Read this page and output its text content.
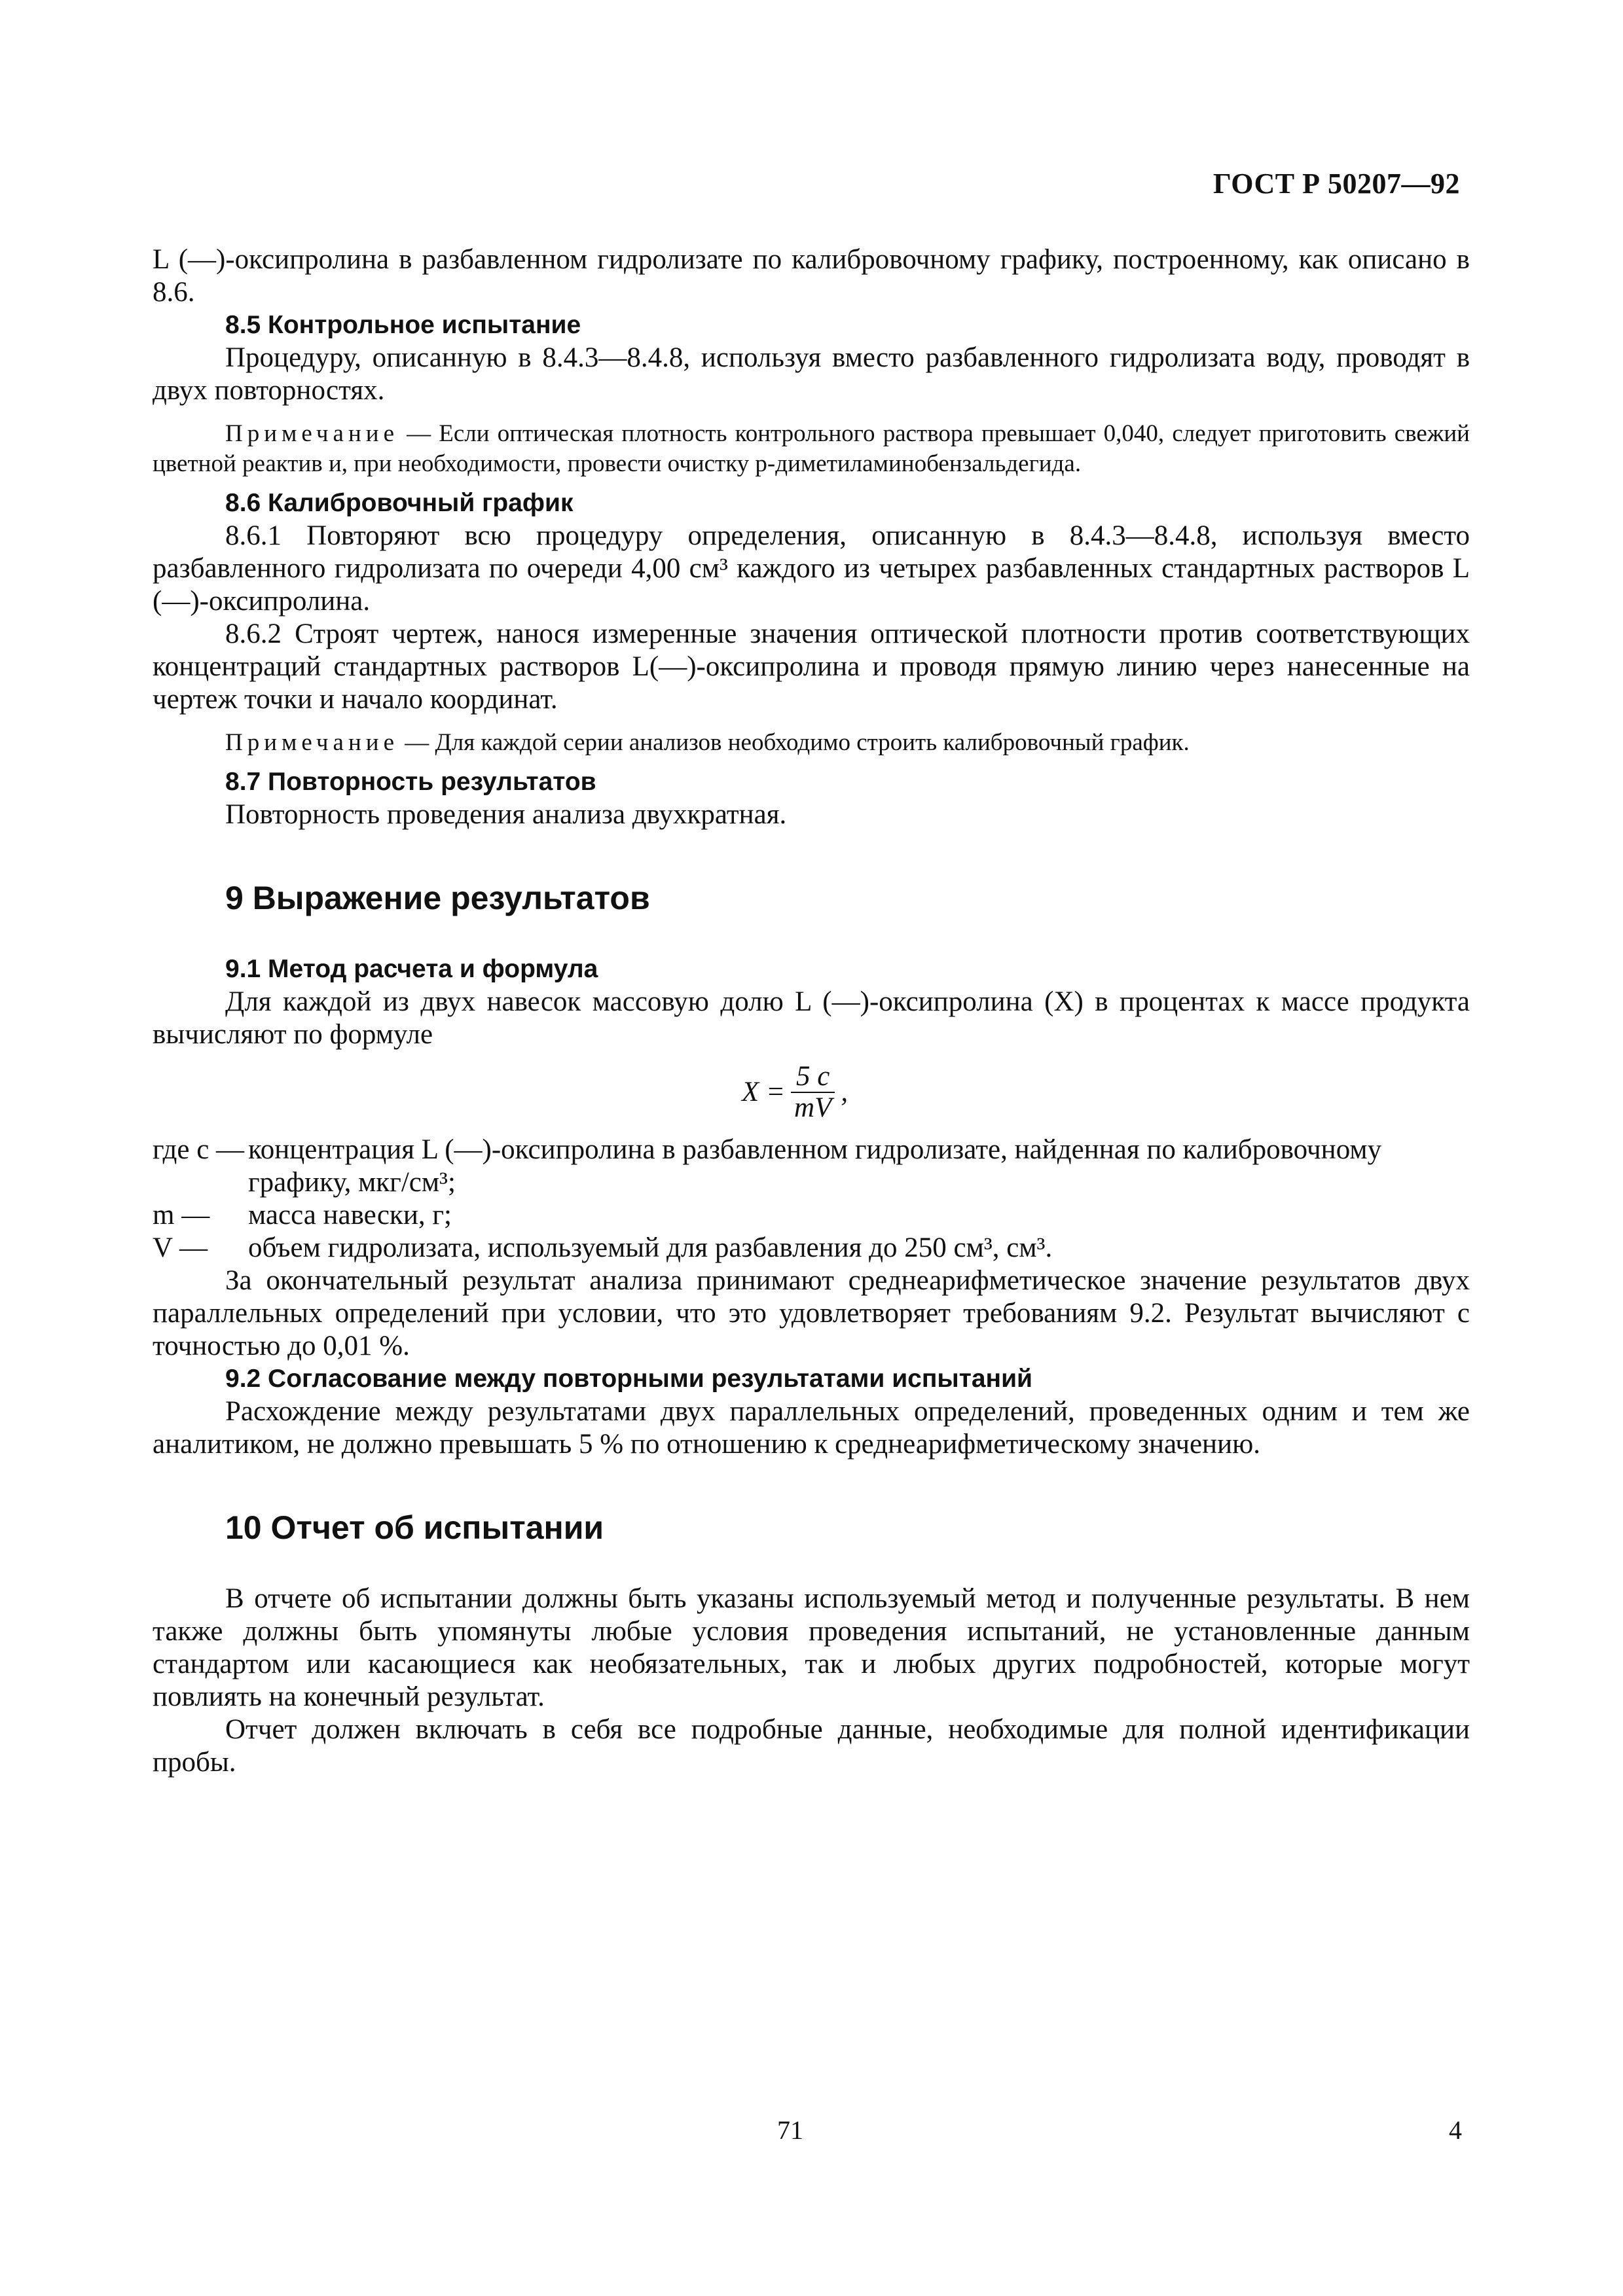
ГОСТ Р 50207—92

L (—)-оксипролина в разбавленном гидролизате по калибровочному графику, построенному, как описано в 8.6.

8.5 Контрольное испытание

Процедуру, описанную в 8.4.3—8.4.8, используя вместо разбавленного гидролизата воду, проводят в двух повторностях.

Примечание — Если оптическая плотность контрольного раствора превышает 0,040, следует приготовить свежий цветной реактив и, при необходимости, провести очистку p-диметиламинобензальдегида.

8.6 Калибровочный график

8.6.1 Повторяют всю процедуру определения, описанную в 8.4.3—8.4.8, используя вместо разбавленного гидролизата по очереди 4,00 см³ каждого из четырех разбавленных стандартных растворов L (—)-оксипролина.

8.6.2 Строят чертеж, нанося измеренные значения оптической плотности против соответствующих концентраций стандартных растворов L(—)-оксипролина и проводя прямую линию через нанесенные на чертеж точки и начало координат.

Примечание — Для каждой серии анализов необходимо строить калибровочный график.

8.7 Повторность результатов

Повторность проведения анализа двухкратная.

9 Выражение результатов

9.1 Метод расчета и формула

Для каждой из двух навесок массовую долю L (—)-оксипролина (X) в процентах к массе продукта вычисляют по формуле

$X = \frac{5 c}{mV}$ ,
где c — концентрация L (—)-оксипролина в разбавленном гидролизате, найденная по калибровочному графику, мкг/см³;
m —	масса навески, г;
V —	объем гидролизата, используемый для разбавления до 250 см³, см³.

За окончательный результат анализа принимают среднеарифметическое значение результатов двух параллельных определений при условии, что это удовлетворяет требованиям 9.2. Результат вычисляют с точностью до 0,01 %.

9.2 Согласование между повторными результатами испытаний

Расхождение между результатами двух параллельных определений, проведенных одним и тем же аналитиком, не должно превышать 5 % по отношению к среднеарифметическому значению.

10 Отчет об испытании

В отчете об испытании должны быть указаны используемый метод и полученные результаты. В нем также должны быть упомянуты любые условия проведения испытаний, не установленные данным стандартом или касающиеся как необязательных, так и любых других подробностей, которые могут повлиять на конечный результат.

Отчет должен включать в себя все подробные данные, необходимые для полной идентификации пробы.

71	4
